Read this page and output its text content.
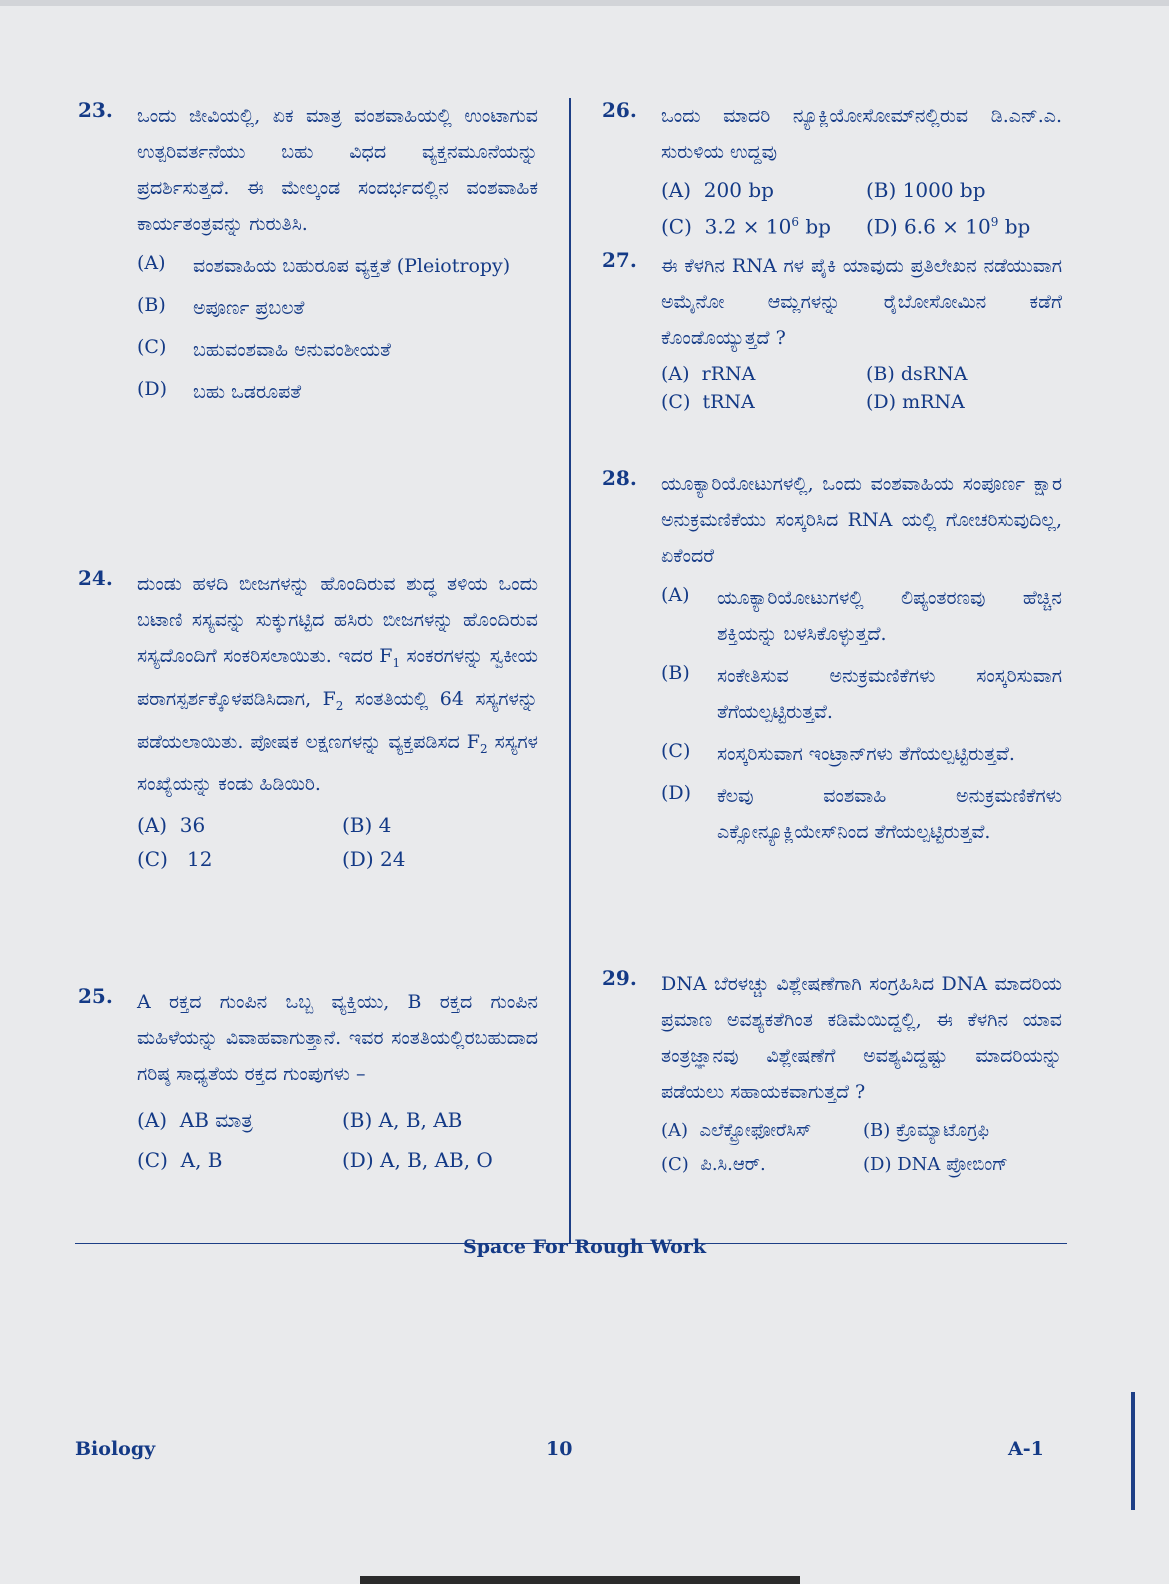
23. ಒಂದು ಜೀವಿಯಲ್ಲಿ, ಏಕ ಮಾತ್ರ ವಂಶವಾಹಿಯಲ್ಲಿ ಉಂಟಾಗುವ ಉತ್ಪರಿವರ್ತನೆಯು ಬಹು ವಿಧದ ವ್ಯಕ್ತನಮೂನೆಯನ್ನು ಪ್ರದರ್ಶಿಸುತ್ತದೆ. ಈ ಮೇಲ್ಕಂಡ ಸಂದರ್ಭದಲ್ಲಿನ ವಂಶವಾಹಿಕ ಕಾರ್ಯತಂತ್ರವನ್ನು ಗುರುತಿಸಿ.
(A) ವಂಶವಾಹಿಯ ಬಹುರೂಪ ವ್ಯಕ್ತತೆ (Pleiotropy)
(B) ಅಪೂರ್ಣ ಪ್ರಬಲತೆ
(C) ಬಹುವಂಶವಾಹಿ ಅನುವಂಶೀಯತೆ
(D) ಬಹು ಒಡರೂಪತೆ
24. ದುಂಡು ಹಳದಿ ಬೀಜಗಳನ್ನು ಹೊಂದಿರುವ ಶುದ್ಧ ತಳಿಯ ಒಂದು ಬಟಾಣಿ ಸಸ್ಯವನ್ನು ಸುಕ್ಕುಗಟ್ಟಿದ ಹಸಿರು ಬೀಜಗಳನ್ನು ಹೊಂದಿರುವ ಸಸ್ಯದೊಂದಿಗೆ ಸಂಕರಿಸಲಾಯಿತು. ಇದರ $F_1$ ಸಂಕರಗಳನ್ನು ಸ್ವಕೀಯ ಪರಾಗಸ್ಪರ್ಶಕ್ಕೊಳಪಡಿಸಿದಾಗ, $F_2$ ಸಂತತಿಯಲ್ಲಿ 64 ಸಸ್ಯಗಳನ್ನು ಪಡೆಯಲಾಯಿತು. ಪೋಷಕ ಲಕ್ಷಣಗಳನ್ನು ವ್ಯಕ್ತಪಡಿಸದ $F_2$ ಸಸ್ಯಗಳ ಸಂಖ್ಯೆಯನ್ನು ಕಂಡು ಹಿಡಿಯಿರಿ.
(A) 36	(B) 4
(C) 12	(D) 24
25. A ರಕ್ತದ ಗುಂಪಿನ ಒಬ್ಬ ವ್ಯಕ್ತಿಯು, B ರಕ್ತದ ಗುಂಪಿನ ಮಹಿಳೆಯನ್ನು ವಿವಾಹವಾಗುತ್ತಾನೆ. ಇವರ ಸಂತತಿಯಲ್ಲಿರಬಹುದಾದ ಗರಿಷ್ಠ ಸಾಧ್ಯತೆಯ ರಕ್ತದ ಗುಂಪುಗಳು –
(A) AB ಮಾತ್ರ	(B) A, B, AB
(C) A, B	(D) A, B, AB, O
26. ಒಂದು ಮಾದರಿ ನ್ಯೂಕ್ಲಿಯೋಸೋಮ್‌ನಲ್ಲಿರುವ ಡಿ.ಎನ್.ಎ. ಸುರುಳಿಯ ಉದ್ದವು
(A) 200 bp	(B) 1000 bp
(C) $3.2 \times 10^6$ bp	(D) $6.6 \times 10^9$ bp
27. ಈ ಕೆಳಗಿನ RNA ಗಳ ಪೈಕಿ ಯಾವುದು ಪ್ರತಿಲೇಖನ ನಡೆಯುವಾಗ ಅಮೈನೋ ಆಮ್ಲಗಳನ್ನು ರೈಬೋಸೋಮಿನ ಕಡೆಗೆ ಕೊಂಡೊಯ್ಯುತ್ತದೆ ?
(A) rRNA	(B) dsRNA
(C) tRNA	(D) mRNA
28. ಯೂಕ್ಯಾರಿಯೋಟುಗಳಲ್ಲಿ, ಒಂದು ವಂಶವಾಹಿಯ ಸಂಪೂರ್ಣ ಕ್ಷಾರ ಅನುಕ್ರಮಣಿಕೆಯು ಸಂಸ್ಕರಿಸಿದ RNA ಯಲ್ಲಿ ಗೋಚರಿಸುವುದಿಲ್ಲ, ಏಕೆಂದರೆ
(A) ಯೂಕ್ಯಾರಿಯೋಟುಗಳಲ್ಲಿ ಲಿಪ್ಯಂತರಣವು ಹೆಚ್ಚಿನ ಶಕ್ತಿಯನ್ನು ಬಳಸಿಕೊಳ್ಳುತ್ತದೆ.
(B) ಸಂಕೇತಿಸುವ ಅನುಕ್ರಮಣಿಕೆಗಳು ಸಂಸ್ಕರಿಸುವಾಗ ತೆಗೆಯಲ್ಪಟ್ಟಿರುತ್ತವೆ.
(C) ಸಂಸ್ಕರಿಸುವಾಗ ಇಂಟ್ರಾನ್‌ಗಳು ತೆಗೆಯಲ್ಪಟ್ಟಿರುತ್ತವೆ.
(D) ಕೆಲವು ವಂಶವಾಹಿ ಅನುಕ್ರಮಣಿಕೆಗಳು ಎಕ್ಸೋನ್ಯೂಕ್ಲಿಯೇಸ್‌ನಿಂದ ತೆಗೆಯಲ್ಪಟ್ಟಿರುತ್ತವೆ.
29. DNA ಬೆರಳಚ್ಚು ವಿಶ್ಲೇಷಣೆಗಾಗಿ ಸಂಗ್ರಹಿಸಿದ DNA ಮಾದರಿಯ ಪ್ರಮಾಣ ಅವಶ್ಯಕತೆಗಿಂತ ಕಡಿಮೆಯಿದ್ದಲ್ಲಿ, ಈ ಕೆಳಗಿನ ಯಾವ ತಂತ್ರಜ್ಞಾನವು ವಿಶ್ಲೇಷಣೆಗೆ ಅವಶ್ಯವಿದ್ದಷ್ಟು ಮಾದರಿಯನ್ನು ಪಡೆಯಲು ಸಹಾಯಕವಾಗುತ್ತದೆ ?
(A) ಎಲೆಕ್ಟ್ರೋಫೋರೆಸಿಸ್	(B) ಕ್ರೊಮ್ಯಾಟೊಗ್ರಫಿ
(C) ಪಿ.ಸಿ.ಆರ್.	(D) DNA ಪ್ರೋಬಿಂಗ್
Space For Rough Work
Biology	10	A-1
